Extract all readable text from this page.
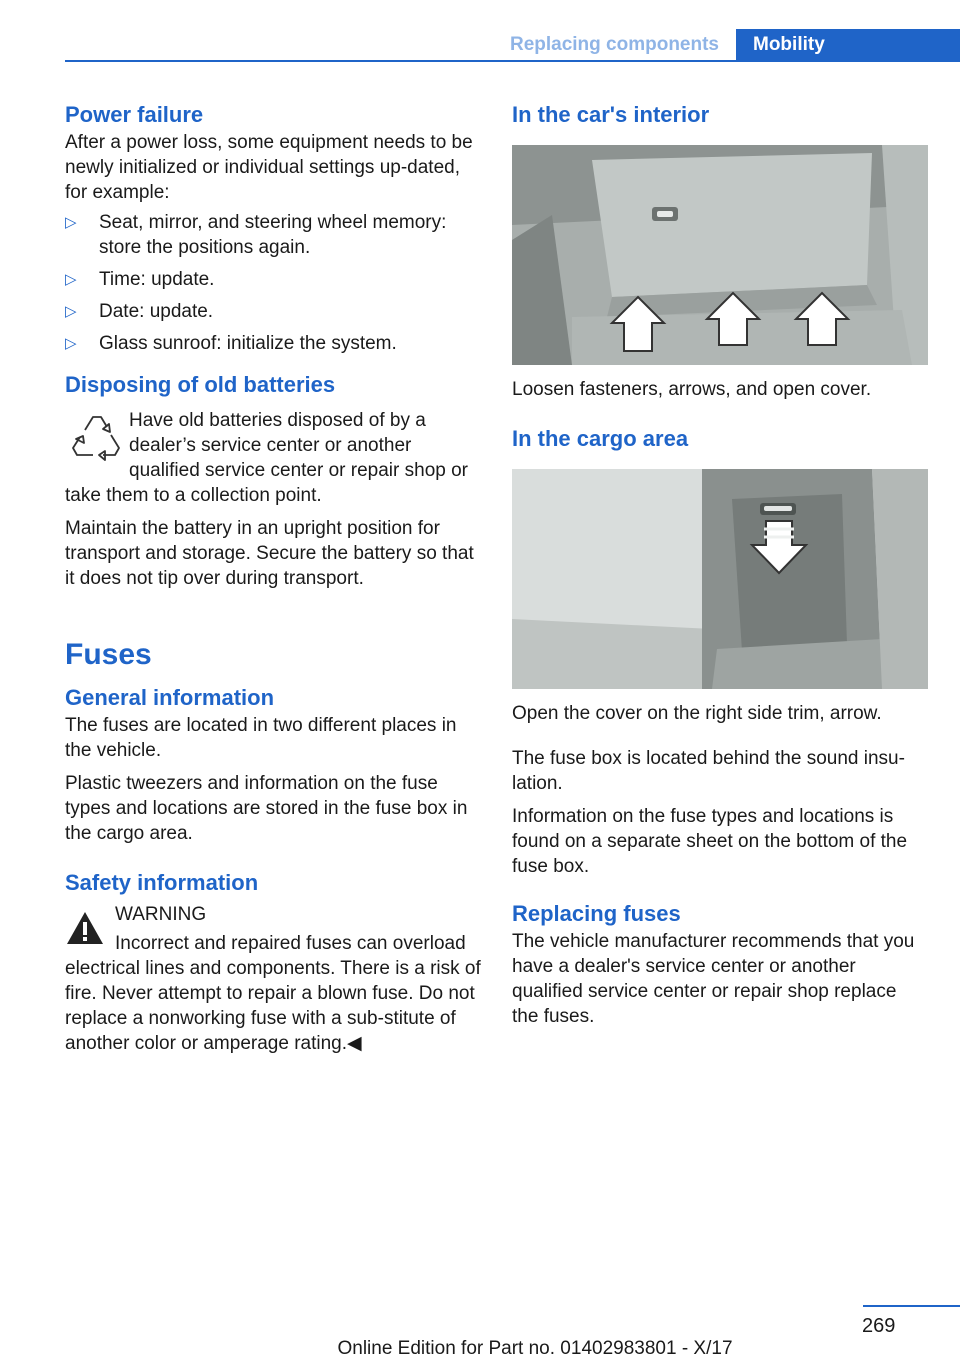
Replacing components	Mobility
Power failure

After a power loss, some equipment needs to be newly initialized or individual settings up‐dated, for example:

▷ Seat, mirror, and steering wheel memory: store the positions again.
▷ Time: update.
▷ Date: update.
▷ Glass sunroof: initialize the system.
Disposing of old batteries

Have old batteries disposed of by a dealer’s service center or another qualified service center or repair shop or take them to a collection point.

Maintain the battery in an upright position for transport and storage. Secure the battery so that it does not tip over during transport.

Fuses
General information

The fuses are located in two different places in the vehicle.

Plastic tweezers and information on the fuse types and locations are stored in the fuse box in the cargo area.

Safety information

WARNING

Incorrect and repaired fuses can overload electrical lines and components. There is a risk of fire. Never attempt to repair a blown fuse. Do not replace a nonworking fuse with a sub‐stitute of another color or amperage rating.◀

In the car's interior

Loosen fasteners, arrows, and open cover.

In the cargo area

Open the cover on the right side trim, arrow.

The fuse box is located behind the sound insu‐lation.

Information on the fuse types and locations is found on a separate sheet on the bottom of the fuse box.

Replacing fuses

The vehicle manufacturer recommends that you have a dealer's service center or another qualified service center or repair shop replace the fuses.

269
Online Edition for Part no. 01402983801 - X/17
